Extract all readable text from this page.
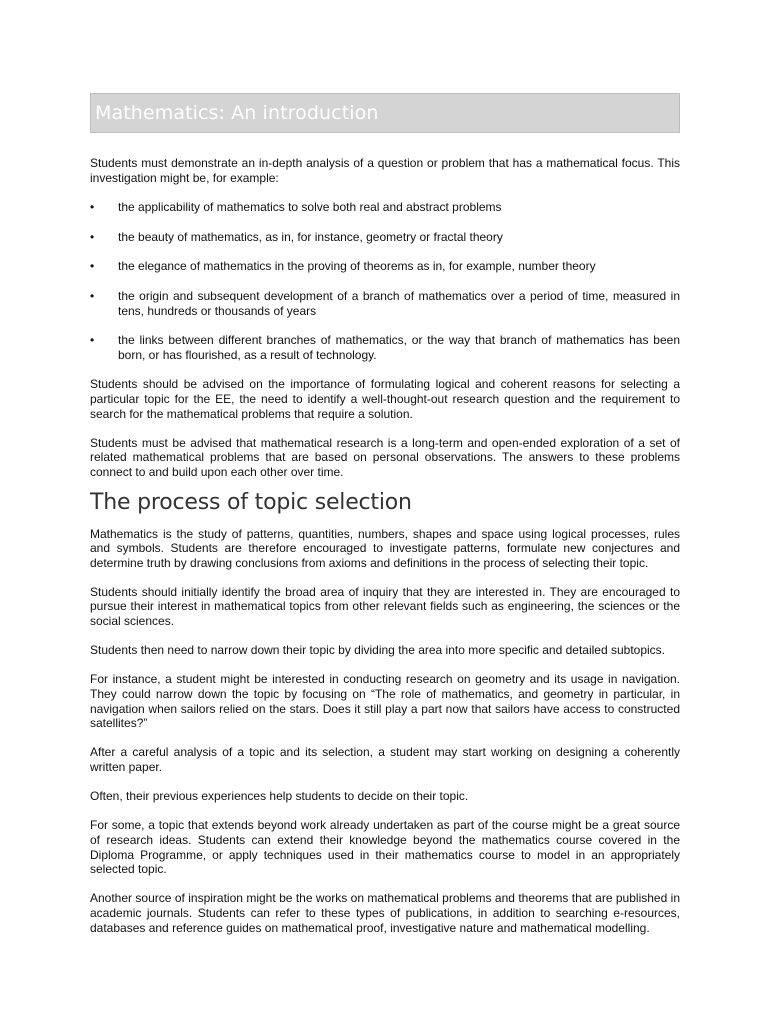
Mathematics: An introduction

Students must demonstrate an in-depth analysis of a question or problem that has a mathematical focus. This investigation might be, for example:

• the applicability of mathematics to solve both real and abstract problems
• the beauty of mathematics, as in, for instance, geometry or fractal theory
• the elegance of mathematics in the proving of theorems as in, for example, number theory
• the origin and subsequent development of a branch of mathematics over a period of time, measured in tens, hundreds or thousands of years
• the links between different branches of mathematics, or the way that branch of mathematics has been born, or has flourished, as a result of technology.

Students should be advised on the importance of formulating logical and coherent reasons for selecting a particular topic for the EE, the need to identify a well-thought-out research question and the requirement to search for the mathematical problems that require a solution.

Students must be advised that mathematical research is a long-term and open-ended exploration of a set of related mathematical problems that are based on personal observations. The answers to these problems connect to and build upon each other over time.

The process of topic selection

Mathematics is the study of patterns, quantities, numbers, shapes and space using logical processes, rules and symbols. Students are therefore encouraged to investigate patterns, formulate new conjectures and determine truth by drawing conclusions from axioms and definitions in the process of selecting their topic.

Students should initially identify the broad area of inquiry that they are interested in. They are encouraged to pursue their interest in mathematical topics from other relevant fields such as engineering, the sciences or the social sciences.

Students then need to narrow down their topic by dividing the area into more specific and detailed subtopics.

For instance, a student might be interested in conducting research on geometry and its usage in navigation. They could narrow down the topic by focusing on “The role of mathematics, and geometry in particular, in navigation when sailors relied on the stars. Does it still play a part now that sailors have access to constructed satellites?”

After a careful analysis of a topic and its selection, a student may start working on designing a coherently written paper.

Often, their previous experiences help students to decide on their topic.

For some, a topic that extends beyond work already undertaken as part of the course might be a great source of research ideas. Students can extend their knowledge beyond the mathematics course covered in the Diploma Programme, or apply techniques used in their mathematics course to model in an appropriately selected topic.

Another source of inspiration might be the works on mathematical problems and theorems that are published in academic journals. Students can refer to these types of publications, in addition to searching e-resources, databases and reference guides on mathematical proof, investigative nature and mathematical modelling.
